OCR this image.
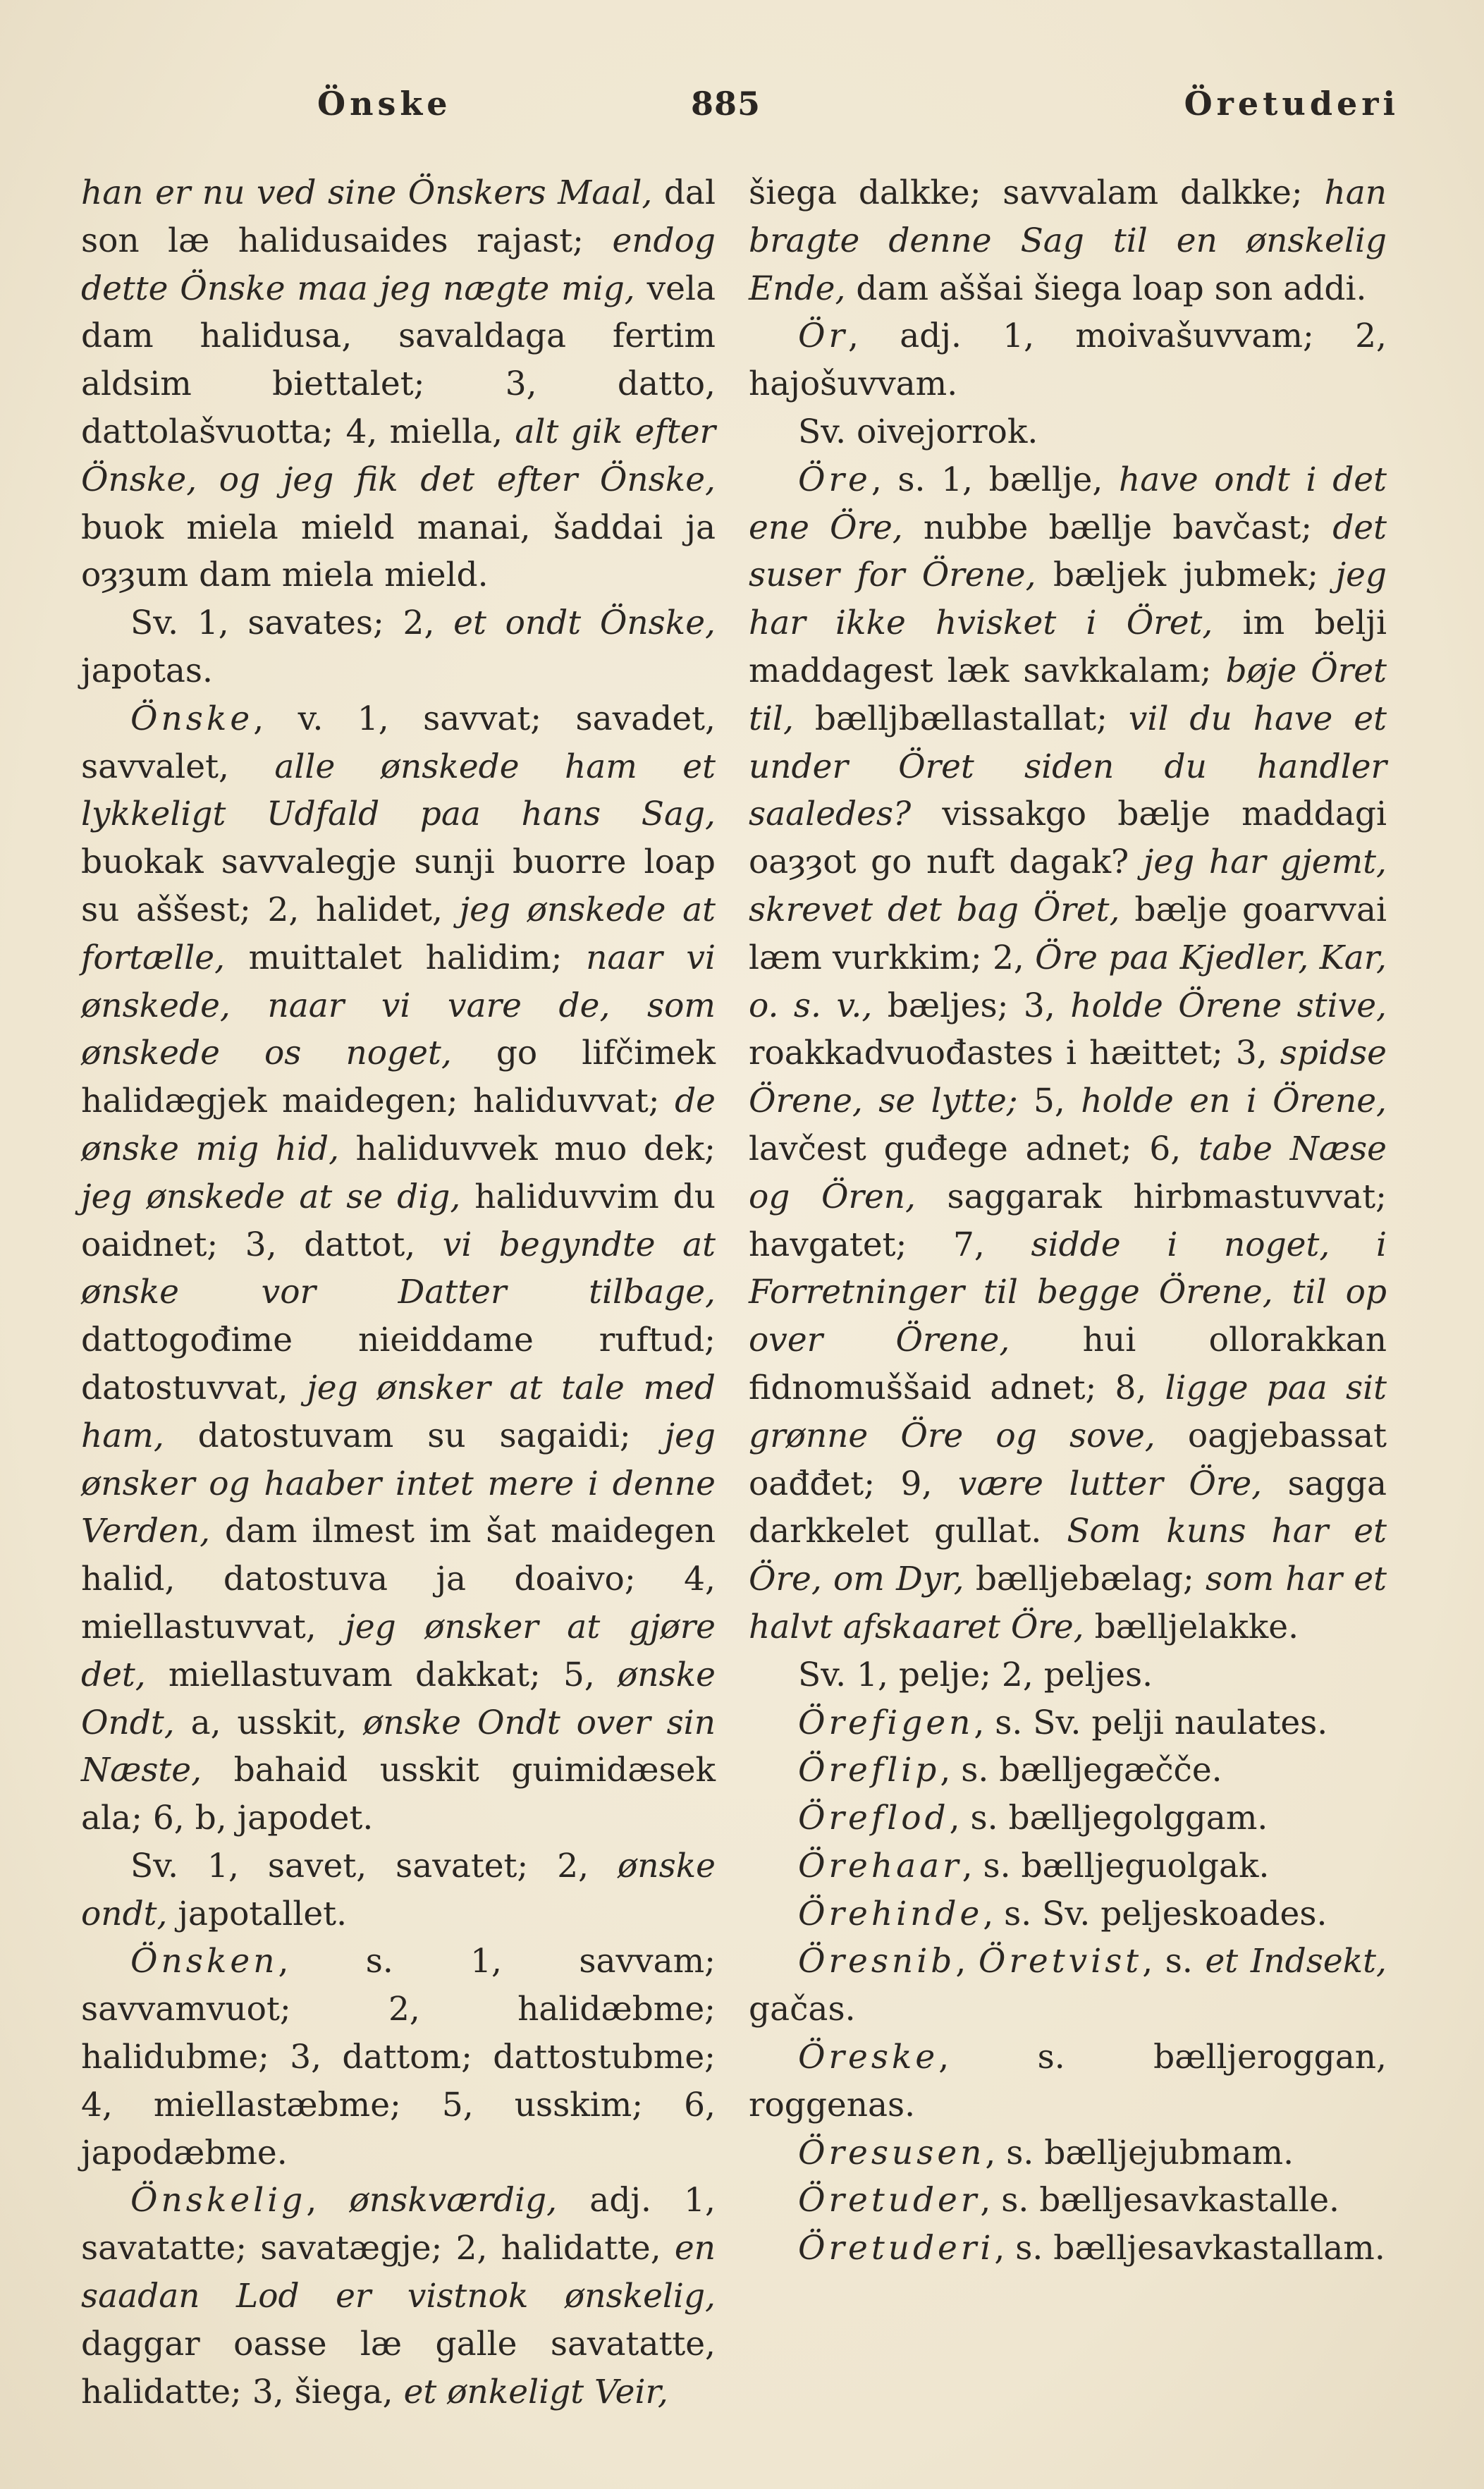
Önske	885	Öretuderi

han er nu ved sine Önskers Maal, dal son læ halidusaides rajast; endog dette Önske maa jeg nægte mig, vela dam halidusa, savaldaga fertim aldsim biettalet; 3, datto, dattolašvuotta; 4, miella, alt gik efter Önske, og jeg fik det efter Önske, buok miela mield manai, šaddai ja oȝȝum dam miela mield.

Sv. 1, savates; 2, et ondt Önske, japotas.

Önske, v. 1, savvat; savadet, savvalet, alle ønskede ham et lykkeligt Udfald paa hans Sag, buokak savvalegje sunji buorre loap su aššest; 2, halidet, jeg ønskede at fortælle, muittalet halidim; naar vi ønskede, naar vi vare de, som ønskede os noget, go lifčimek halidægjek maidegen; haliduvvat; de ønske mig hid, haliduvvek muo dek; jeg ønskede at se dig, haliduvvim du oaidnet; 3, dattot, vi begyndte at ønske vor Datter tilbage, dattogođime nieiddame ruftud; datostuvvat, jeg ønsker at tale med ham, datostuvam su sagaidi; jeg ønsker og haaber intet mere i denne Verden, dam ilmest im šat maidegen halid, datostuva ja doaivo; 4, miellastuvvat, jeg ønsker at gjøre det, miellastuvam dakkat; 5, ønske Ondt, a, usskit, ønske Ondt over sin Næste, bahaid usskit guimidæsek ala; 6, b, japodet.

Sv. 1, savet, savatet; 2, ønske ondt, japotallet.

Önsken, s. 1, savvam; savvamvuot; 2, halidæbme; halidubme; 3, dattom; dattostubme; 4, miellastæbme; 5, usskim; 6, japodæbme.

Önskelig, ønskværdig, adj. 1, savatatte; savatægje; 2, halidatte, en saadan Lod er vistnok ønskelig, daggar oasse læ galle savatatte, halidatte; 3, šiega, et ønkeligt Veir,

šiega dalkke; savvalam dalkke; han bragte denne Sag til en ønskelig Ende, dam aššai šiega loap son addi.

Ör, adj. 1, moivašuvvam; 2, hajošuvvam.

Sv. oivejorrok.

Öre, s. 1, bællje, have ondt i det ene Öre, nubbe bællje bavčast; det suser for Örene, bæljek jubmek; jeg har ikke hvisket i Öret, im belji maddagest læk savkkalam; bøje Öret til, bælljbællastallat; vil du have et under Öret siden du handler saaledes? vissakgo bælje maddagi oaȝȝot go nuft dagak? jeg har gjemt, skrevet det bag Öret, bælje goarvvai læm vurkkim; 2, Öre paa Kjedler, Kar, o. s. v., bæljes; 3, holde Örene stive, roakkadvuođastes i hæittet; 3, spidse Örene, se lytte; 5, holde en i Örene, lavčest guđege adnet; 6, tabe Næse og Ören, saggarak hirbmastuvvat; havgatet; 7, sidde i noget, i Forretninger til begge Örene, til op over Örene, hui ollorakkan fidnomuššaid adnet; 8, ligge paa sit grønne Öre og sove, oagjebassat oađđet; 9, være lutter Öre, sagga darkkelet gullat. Som kuns har et Öre, om Dyr, bælljebælag; som har et halvt afskaaret Öre, bælljelakke.

Sv. 1, pelje; 2, peljes.

Örefigen, s. Sv. pelji naulates.

Öreflip, s. bælljegæčče.

Öreflod, s. bælljegolggam.

Örehaar, s. bælljeguolgak.

Örehinde, s. Sv. peljeskoades.

Öresnib, Öretvist, s. et Indsekt, gačas.

Öreske, s. bælljeroggan, roggenas.

Öresusen, s. bælljejubmam.

Öretuder, s. bælljesavkastalle.

Öretuderi, s. bælljesavkastallam.
